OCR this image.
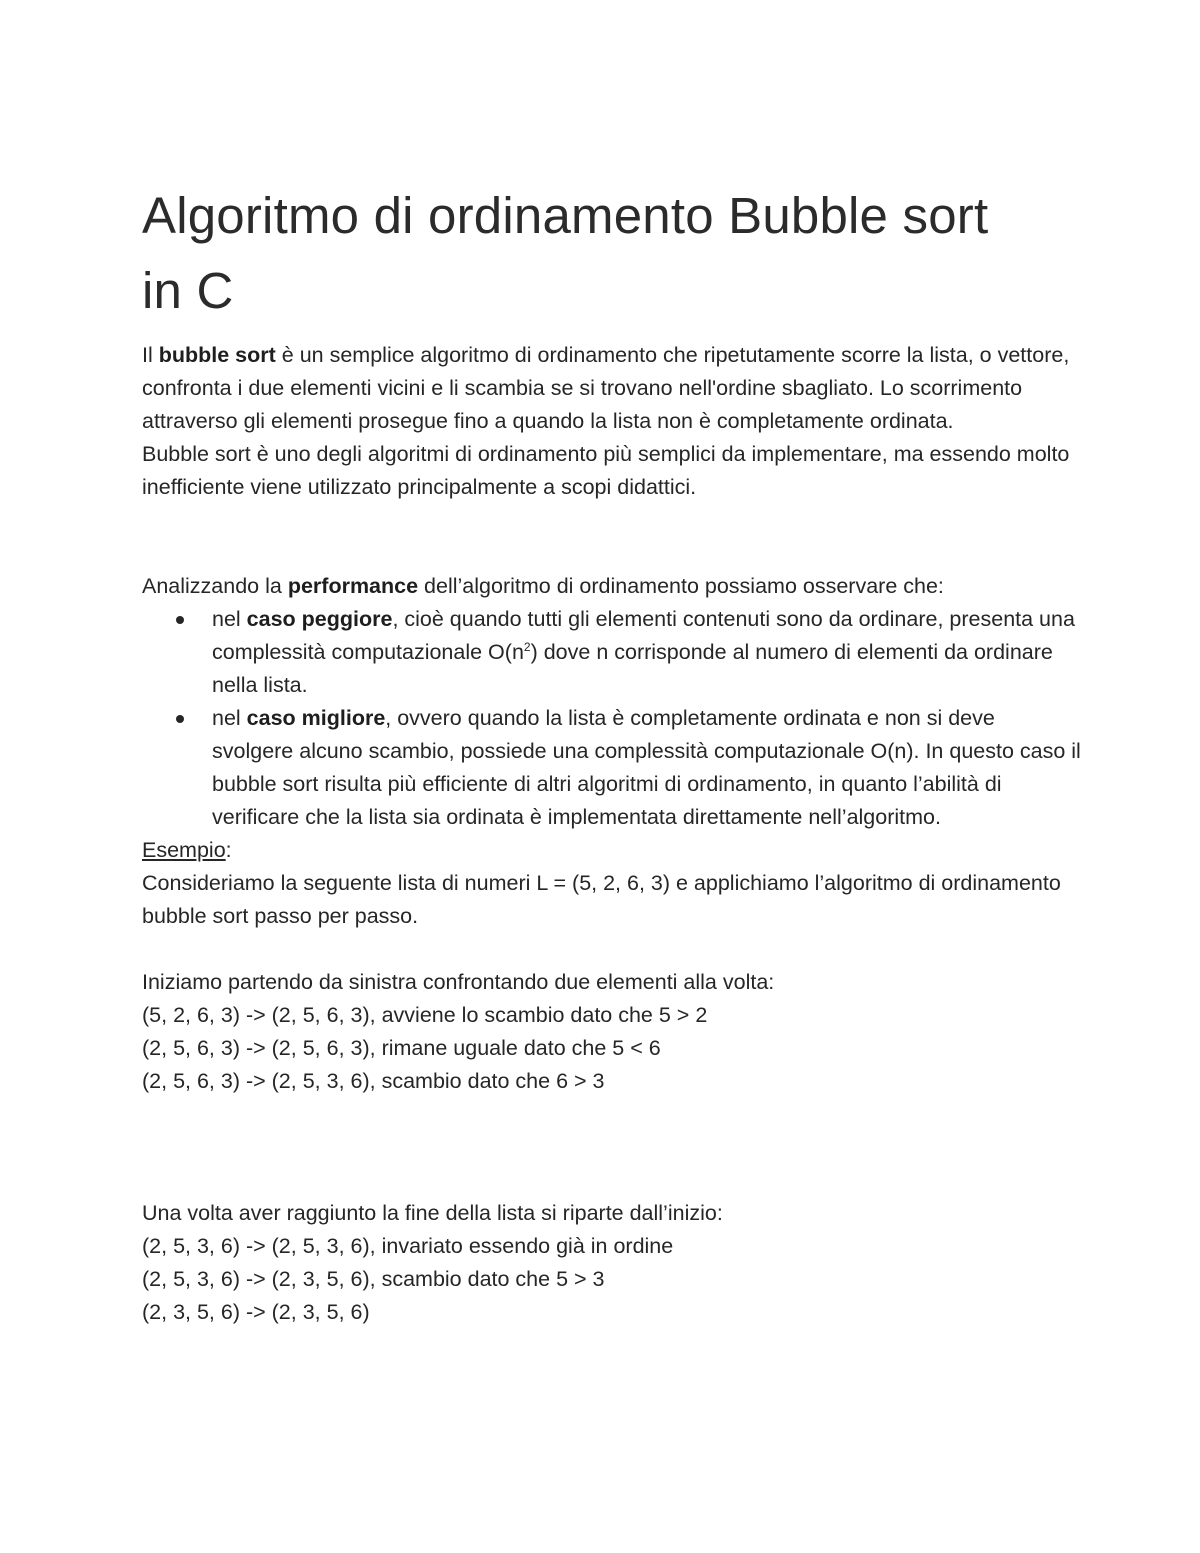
Algoritmo di ordinamento Bubble sort
in C

Il bubble sort è un semplice algoritmo di ordinamento che ripetutamente scorre la lista, o vettore, confronta i due elementi vicini e li scambia se si trovano nell'ordine sbagliato. Lo scorrimento attraverso gli elementi prosegue fino a quando la lista non è completamente ordinata.

Bubble sort è uno degli algoritmi di ordinamento più semplici da implementare, ma essendo molto inefficiente viene utilizzato principalmente a scopi didattici.

Analizzando la performance dell’algoritmo di ordinamento possiamo osservare che:

nel caso peggiore, cioè quando tutti gli elementi contenuti sono da ordinare, presenta una complessità computazionale $O(n^2)$ dove n corrisponde al numero di elementi da ordinare nella lista.
nel caso migliore, ovvero quando la lista è completamente ordinata e non si deve svolgere alcuno scambio, possiede una complessità computazionale O(n). In questo caso il bubble sort risulta più efficiente di altri algoritmi di ordinamento, in quanto l’abilità di verificare che la lista sia ordinata è implementata direttamente nell’algoritmo.

Esempio:

Consideriamo la seguente lista di numeri L = (5, 2, 6, 3) e applichiamo l’algoritmo di ordinamento bubble sort passo per passo.

Iniziamo partendo da sinistra confrontando due elementi alla volta:

(5, 2, 6, 3) -> (2, 5, 6, 3), avviene lo scambio dato che 5 > 2

(2, 5, 6, 3) -> (2, 5, 6, 3), rimane uguale dato che 5 < 6

(2, 5, 6, 3) -> (2, 5, 3, 6), scambio dato che 6 > 3

Una volta aver raggiunto la fine della lista si riparte dall’inizio:

(2, 5, 3, 6) -> (2, 5, 3, 6), invariato essendo già in ordine

(2, 5, 3, 6) -> (2, 3, 5, 6), scambio dato che 5 > 3

(2, 3, 5, 6) -> (2, 3, 5, 6)
